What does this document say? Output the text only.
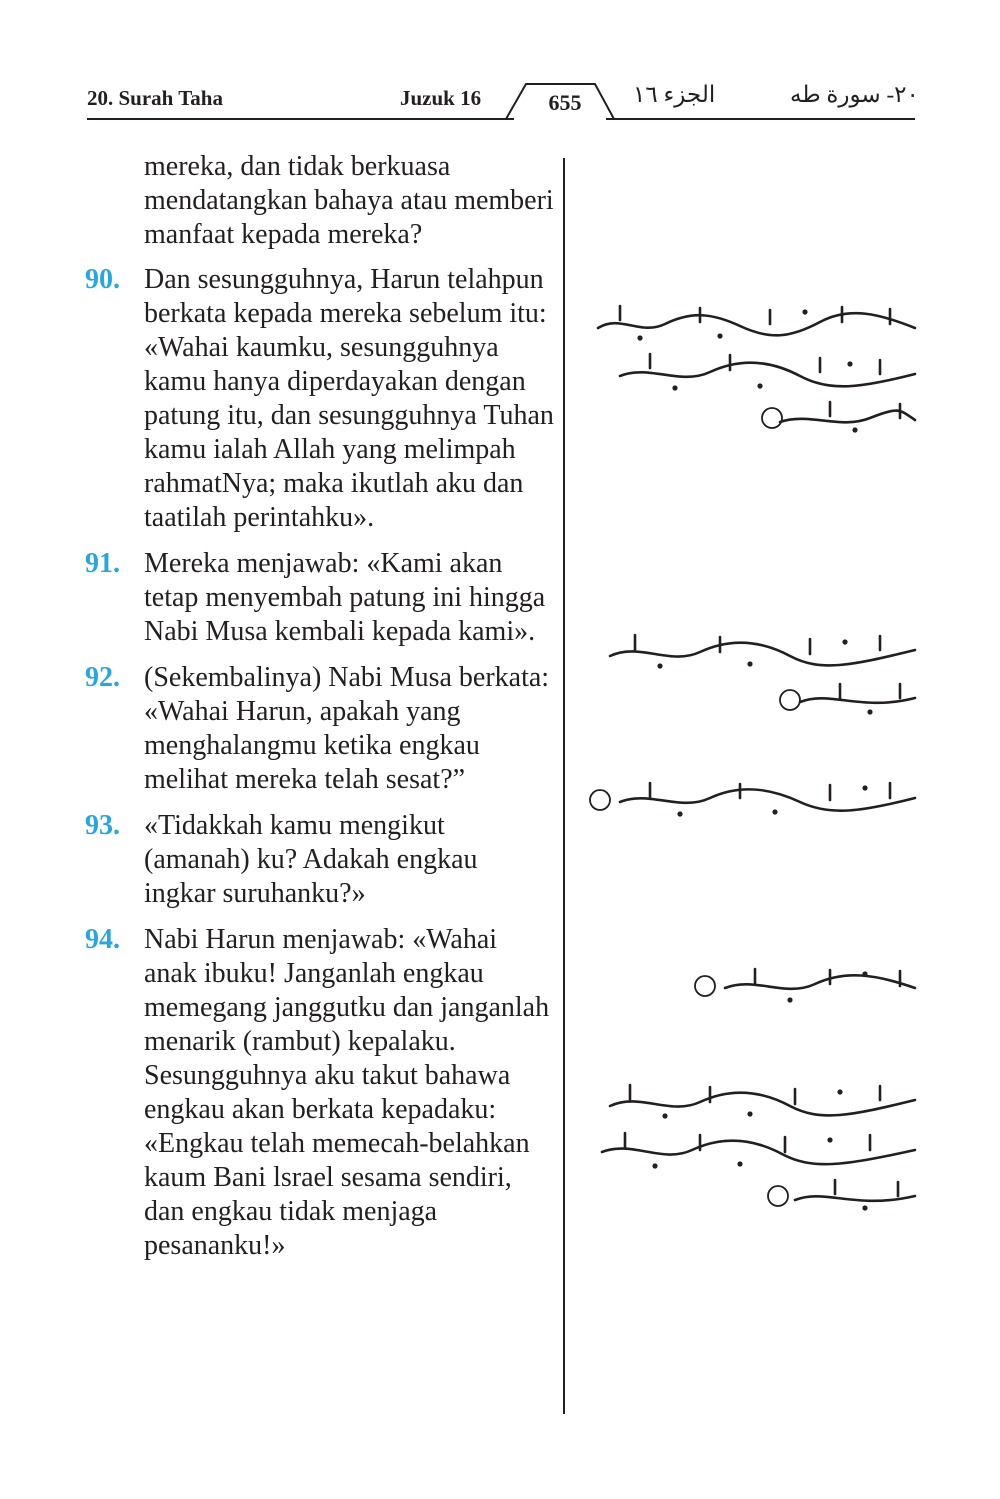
20. Surah Taha	Juzuk 16	655	الجزء ١٦	٢٠- سورة طه

mereka, dan tidak berkuasa mendatangkan bahaya atau memberi manfaat kepada mereka?

90. Dan sesungguhnya, Harun telahpun berkata kepada mereka sebelum itu: «Wahai kaumku, sesungguhnya kamu hanya diperdayakan dengan patung itu, dan sesungguhnya Tuhan kamu ialah Allah yang melimpah rahmatNya; maka ikutlah aku dan taatilah perintahku».
91. Mereka menjawab: «Kami akan tetap menyembah patung ini hingga Nabi Musa kembali kepada kami».
92. (Sekembalinya) Nabi Musa berkata: «Wahai Harun, apakah yang menghalangmu ketika engkau melihat mereka telah sesat?”
93. «Tidakkah kamu mengikut (amanah) ku? Adakah engkau ingkar suruhanku?»
94. Nabi Harun menjawab: «Wahai anak ibuku! Janganlah engkau memegang janggutku dan janganlah menarik (rambut) kepalaku. Sesungguhnya aku takut bahawa engkau akan berkata kepadaku: «Engkau telah memecah-belahkan kaum Bani lsrael sesama sendiri, dan engkau tidak menjaga pesananku!»
